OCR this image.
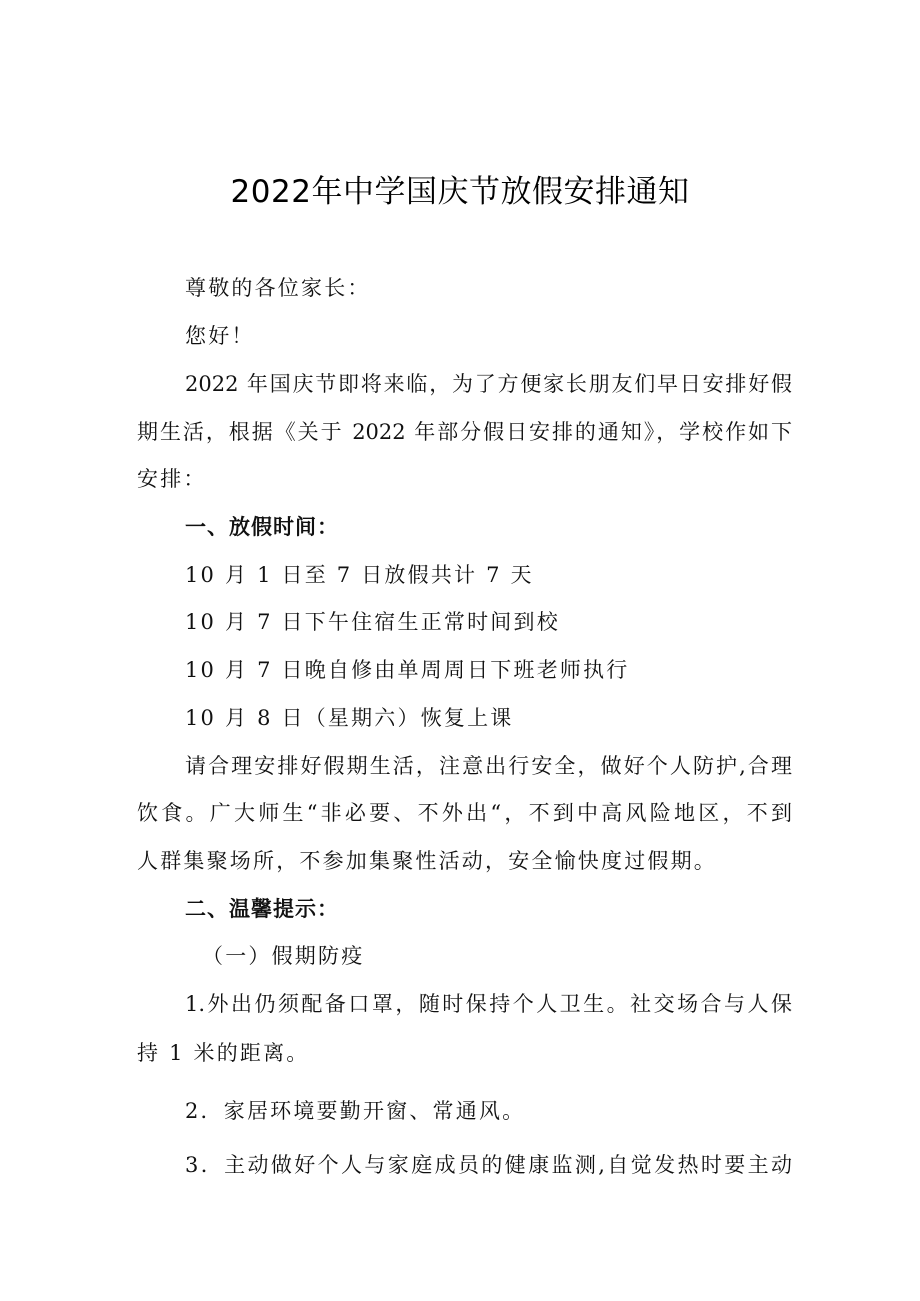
2022年中学国庆节放假安排通知
尊敬的各位家长：
您好！
2022 年国庆节即将来临，为了方便家长朋友们早日安排好假
期生活，根据《关于 2022 年部分假日安排的通知》，学校作如下
安排：
一、放假时间：
10 月 1 日至 7 日放假共计 7 天
10 月 7 日下午住宿生正常时间到校
10 月 7 日晚自修由单周周日下班老师执行
10 月 8 日（星期六）恢复上课
请合理安排好假期生活，注意出行安全，做好个人防护,合理
饮食。广大师生“非必要、不外出“，不到中高风险地区，不到
人群集聚场所，不参加集聚性活动，安全愉快度过假期。
二、温馨提示：
（一）假期防疫
1.外出仍须配备口罩，随时保持个人卫生。社交场合与人保
持 1 米的距离。
2．家居环境要勤开窗、常通风。
3．主动做好个人与家庭成员的健康监测,自觉发热时要主动
